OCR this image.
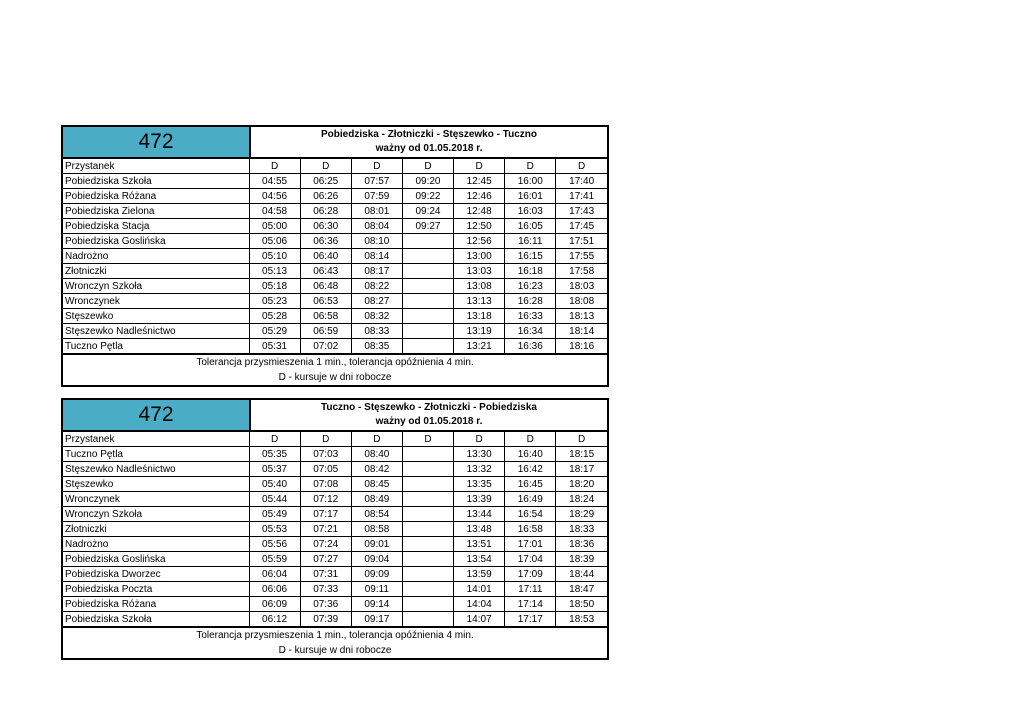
472	Pobiedziska - Złotniczki - Stęszewko - Tuczno
ważny od 01.05.2018 r.
Przystanek	D	D	D	D	D	D	D
Pobiedziska Szkoła	04:55	06:25	07:57	09:20	12:45	16:00	17:40
Pobiedziska Różana	04:56	06:26	07:59	09:22	12:46	16:01	17:41
Pobiedziska Zielona	04:58	06:28	08:01	09:24	12:48	16:03	17:43
Pobiedziska Stacja	05:00	06:30	08:04	09:27	12:50	16:05	17:45
Pobiedziska Goslińska	05:06	06:36	08:10		12:56	16:11	17:51
Nadrożno	05:10	06:40	08:14		13:00	16:15	17:55
Złotniczki	05:13	06:43	08:17		13:03	16:18	17:58
Wronczyn Szkoła	05:18	06:48	08:22		13:08	16:23	18:03
Wronczynek	05:23	06:53	08:27		13:13	16:28	18:08
Stęszewko	05:28	06:58	08:32		13:18	16:33	18:13
Stęszewko Nadleśnictwo	05:29	06:59	08:33		13:19	16:34	18:14
Tuczno Pętla	05:31	07:02	08:35		13:21	16:36	18:16
Tolerancja przysmieszenia 1 min., tolerancja opóźnienia 4 min.
D - kursuje w dni robocze
472	Tuczno - Stęszewko - Złotniczki - Pobiedziska
ważny od 01.05.2018 r.
Przystanek	D	D	D	D	D	D	D
Tuczno Pętla	05:35	07:03	08:40		13:30	16:40	18:15
Stęszewko Nadleśnictwo	05:37	07:05	08:42		13:32	16:42	18:17
Stęszewko	05:40	07:08	08:45		13:35	16:45	18:20
Wronczynek	05:44	07:12	08:49		13:39	16:49	18:24
Wronczyn Szkoła	05:49	07:17	08:54		13:44	16:54	18:29
Złotniczki	05:53	07:21	08:58		13:48	16:58	18:33
Nadrożno	05:56	07:24	09:01		13:51	17:01	18:36
Pobiedziska Goslińska	05:59	07:27	09:04		13:54	17:04	18:39
Pobiedziska Dworzec	06:04	07:31	09:09		13:59	17:09	18:44
Pobiedziska Poczta	06:06	07:33	09:11		14:01	17:11	18:47
Pobiedziska Różana	06:09	07:36	09:14		14:04	17:14	18:50
Pobiedziska Szkoła	06:12	07:39	09:17		14:07	17:17	18:53
Tolerancja przysmieszenia 1 min., tolerancja opóźnienia 4 min.
D - kursuje w dni robocze
